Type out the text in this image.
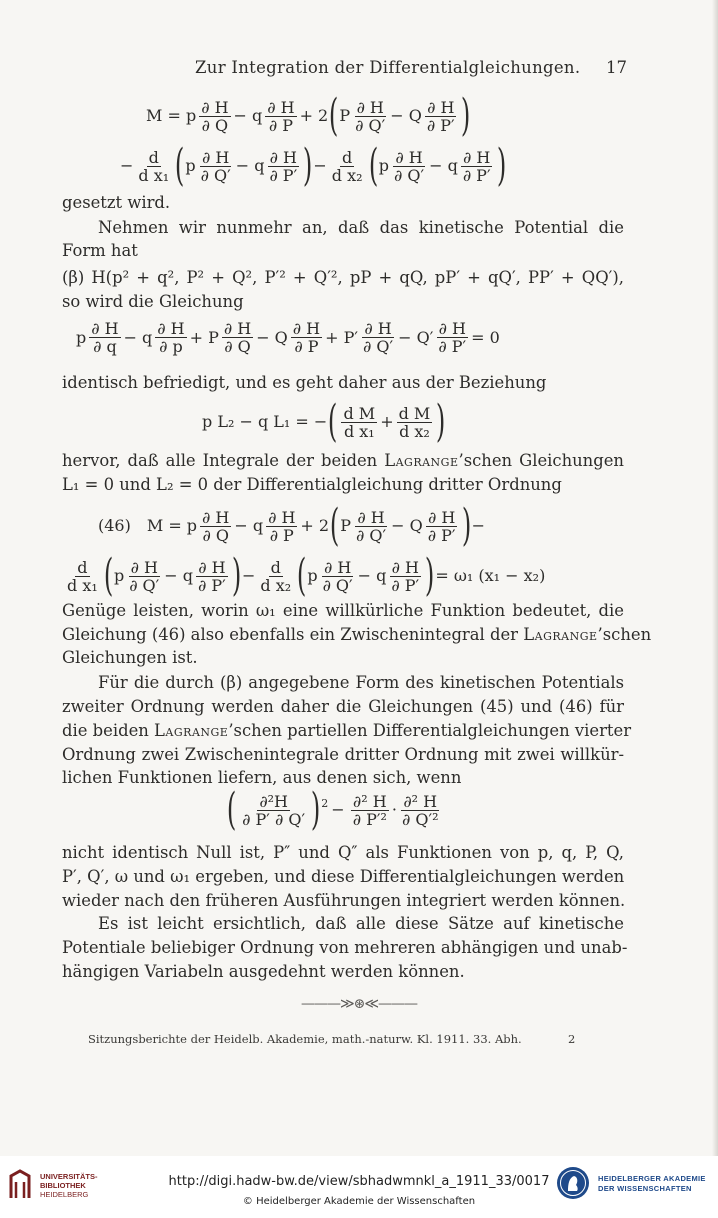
Zur Integration der Differentialgleichungen. 17
M = p ∂ H
∂ Q − q ∂ H
∂ P + 2 ( P ∂ H
∂ Q′ − Q ∂ H
∂ P′ )
− $\frac{d}{\text{d x₁}}$ ( p ∂ H
∂ Q′ − q ∂ H
∂ P′ ) − $\frac{d}{\text{d x₂}}$ ( p ∂ H
∂ Q′ − q ∂ H
∂ P′ )
gesetzt wird.
Nehmen wir nunmehr an, daß das kinetische Potential die
Form hat
(β) H(p² + q², P² + Q², P′² + Q′², pP + qQ, pP′ + qQ′, PP′ + QQ′),
so wird die Gleichung
p ∂ H
∂ q − q ∂ H
∂ p + P ∂ H
∂ Q − Q ∂ H
∂ P + P′ ∂ H
∂ $Q' - Q' \frac{\partial H}{\partial P'} = 0$
identisch befriedigt, und es geht daher aus der Beziehung
p L₂ − q L₁ = − ( d M
d $x_1 + \frac{\text{d M}}{\text{d x₂}}$ )
hervor, daß alle Integrale der beiden Lagrange’schen Gleichungen
L₁ = 0 und L₂ = 0 der Differentialgleichung dritter Ordnung
(46) M = p ∂ H
∂ Q − q ∂ H
∂ P + 2 ( P ∂ H
∂ Q′ − Q ∂ H
∂ P′ ) −
d
d x₁ ( p ∂ H
∂ Q′ − q ∂ H
∂ P′ ) − $\frac{d}{\text{d x₂}}$ ( p ∂ H
∂ Q′ − q ∂ H
∂ P′ ) = ω₁ (x₁ − x₂)
Genüge leisten, worin ω₁ eine willkürliche Funktion bedeutet, die
Gleichung (46) also ebenfalls ein Zwischenintegral der Lagrange’schen
Gleichungen ist.
Für die durch (β) angegebene Form des kinetischen Potentials
zweiter Ordnung werden daher die Gleichungen (45) und (46) für
die beiden Lagrange’schen partiellen Differentialgleichungen vierter
Ordnung zwei Zwischenintegrale dritter Ordnung mit zwei willkür-
lichen Funktionen liefern, aus denen sich, wenn
( ∂²H
∂ P′ ∂ Q′ ) $2 - \frac{\text{∂² H}}{\text{∂ P′²}} \cdot \partial^2$ H
∂ Q′²
nicht identisch Null ist, P″ und Q″ als Funktionen von p, q, P, Q,
P′, Q′, ω und ω₁ ergeben, und diese Differentialgleichungen werden
wieder nach den früheren Ausführungen integriert werden können.
Es ist leicht ersichtlich, daß alle diese Sätze auf kinetische
Potentiale beliebiger Ordnung von mehreren abhängigen und unab-
hängigen Variabeln ausgedehnt werden können.
———≫⊛≪———
Sitzungsberichte der Heidelb. Akademie, math.-naturw. Kl. 1911. 33. Abh.	2
UNIVERSITÄTS-
BIBLIOTHEK
HEIDELBERG
http://digi.hadw-bw.de/view/sbhadwmnkl_a_1911_33/0017
© Heidelberger Akademie der Wissenschaften
HEIDELBERGER AKADEMIE
DER WISSENSCHAFTEN
